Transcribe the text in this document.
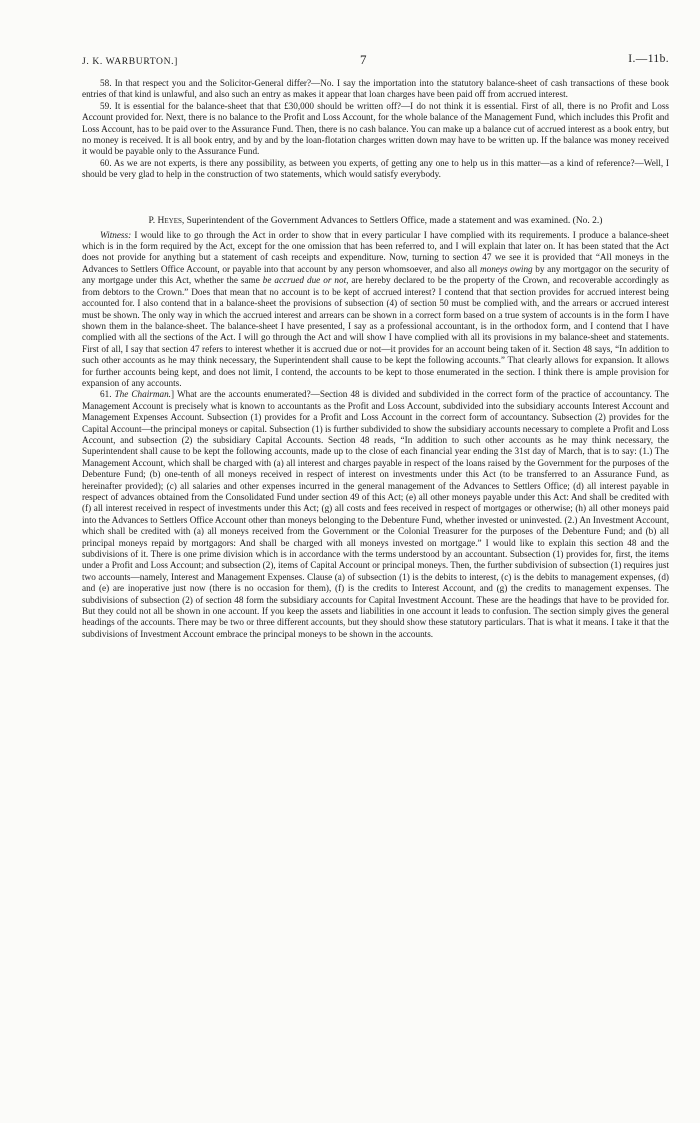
J. K. WARBURTON.]	7	I.—11b.

58. In that respect you and the Solicitor-General differ?—No. I say the importation into the statutory balance-sheet of cash transactions of these book entries of that kind is unlawful, and also such an entry as makes it appear that loan charges have been paid off from accrued interest.

59. It is essential for the balance-sheet that that £30,000 should be written off?—I do not think it is essential. First of all, there is no Profit and Loss Account provided for. Next, there is no balance to the Profit and Loss Account, for the whole balance of the Management Fund, which includes this Profit and Loss Account, has to be paid over to the Assurance Fund. Then, there is no cash balance. You can make up a balance cut of accrued interest as a book entry, but no money is received. It is all book entry, and by and by the loan-flotation charges written down may have to be written up. If the balance was money received it would be payable only to the Assurance Fund.

60. As we are not experts, is there any possibility, as between you experts, of getting any one to help us in this matter—as a kind of reference?—Well, I should be very glad to help in the construction of two statements, which would satisfy everybody.

P. Heyes, Superintendent of the Government Advances to Settlers Office, made a statement and was examined. (No. 2.)

Witness: I would like to go through the Act in order to show that in every particular I have complied with its requirements. I produce a balance-sheet which is in the form required by the Act, except for the one omission that has been referred to, and I will explain that later on. It has been stated that the Act does not provide for anything but a statement of cash receipts and expenditure. Now, turning to section 47 we see it is provided that “All moneys in the Advances to Settlers Office Account, or payable into that account by any person whomsoever, and also all moneys owing by any mortgagor on the security of any mortgage under this Act, whether the same be accrued due or not, are hereby declared to be the property of the Crown, and recoverable accordingly as from debtors to the Crown.” Does that mean that no account is to be kept of accrued interest? I contend that that section provides for accrued interest being accounted for. I also contend that in a balance-sheet the provisions of subsection (4) of section 50 must be complied with, and the arrears or accrued interest must be shown. The only way in which the accrued interest and arrears can be shown in a correct form based on a true system of accounts is in the form I have shown them in the balance-sheet. The balance-sheet I have presented, I say as a professional accountant, is in the orthodox form, and I contend that I have complied with all the sections of the Act. I will go through the Act and will show I have complied with all its provisions in my balance-sheet and statements. First of all, I say that section 47 refers to interest whether it is accrued due or not—it provides for an account being taken of it. Section 48 says, “In addition to such other accounts as he may think necessary, the Superintendent shall cause to be kept the following accounts.” That clearly allows for expansion. It allows for further accounts being kept, and does not limit, I contend, the accounts to be kept to those enumerated in the section. I think there is ample provision for expansion of any accounts.

61. The Chairman.] What are the accounts enumerated?—Section 48 is divided and subdivided in the correct form of the practice of accountancy. The Management Account is precisely what is known to accountants as the Profit and Loss Account, subdivided into the subsidiary accounts Interest Account and Management Expenses Account. Subsection (1) provides for a Profit and Loss Account in the correct form of accountancy. Subsection (2) provides for the Capital Account—the principal moneys or capital. Subsection (1) is further subdivided to show the subsidiary accounts necessary to complete a Profit and Loss Account, and subsection (2) the subsidiary Capital Accounts. Section 48 reads, “In addition to such other accounts as he may think necessary, the Superintendent shall cause to be kept the following accounts, made up to the close of each financial year ending the 31st day of March, that is to say: (1.) The Management Account, which shall be charged with (a) all interest and charges payable in respect of the loans raised by the Government for the purposes of the Debenture Fund; (b) one-tenth of all moneys received in respect of interest on investments under this Act (to be transferred to an Assurance Fund, as hereinafter provided); (c) all salaries and other expenses incurred in the general management of the Advances to Settlers Office; (d) all interest payable in respect of advances obtained from the Consolidated Fund under section 49 of this Act; (e) all other moneys payable under this Act: And shall be credited with (f) all interest received in respect of investments under this Act; (g) all costs and fees received in respect of mortgages or otherwise; (h) all other moneys paid into the Advances to Settlers Office Account other than moneys belonging to the Debenture Fund, whether invested or uninvested. (2.) An Investment Account, which shall be credited with (a) all moneys received from the Government or the Colonial Treasurer for the purposes of the Debenture Fund; and (b) all principal moneys repaid by mortgagors: And shall be charged with all moneys invested on mortgage.” I would like to explain this section 48 and the subdivisions of it. There is one prime division which is in accordance with the terms understood by an accountant. Subsection (1) provides for, first, the items under a Profit and Loss Account; and subsection (2), items of Capital Account or principal moneys. Then, the further subdivision of subsection (1) requires just two accounts—namely, Interest and Management Expenses. Clause (a) of subsection (1) is the debits to interest, (c) is the debits to management expenses, (d) and (e) are inoperative just now (there is no occasion for them), (f) is the credits to Interest Account, and (g) the credits to management expenses. The subdivisions of subsection (2) of section 48 form the subsidiary accounts for Capital Investment Account. These are the headings that have to be provided for. But they could not all be shown in one account. If you keep the assets and liabilities in one account it leads to confusion. The section simply gives the general headings of the accounts. There may be two or three different accounts, but they should show these statutory particulars. That is what it means. I take it that the subdivisions of Investment Account embrace the principal moneys to be shown in the accounts.
